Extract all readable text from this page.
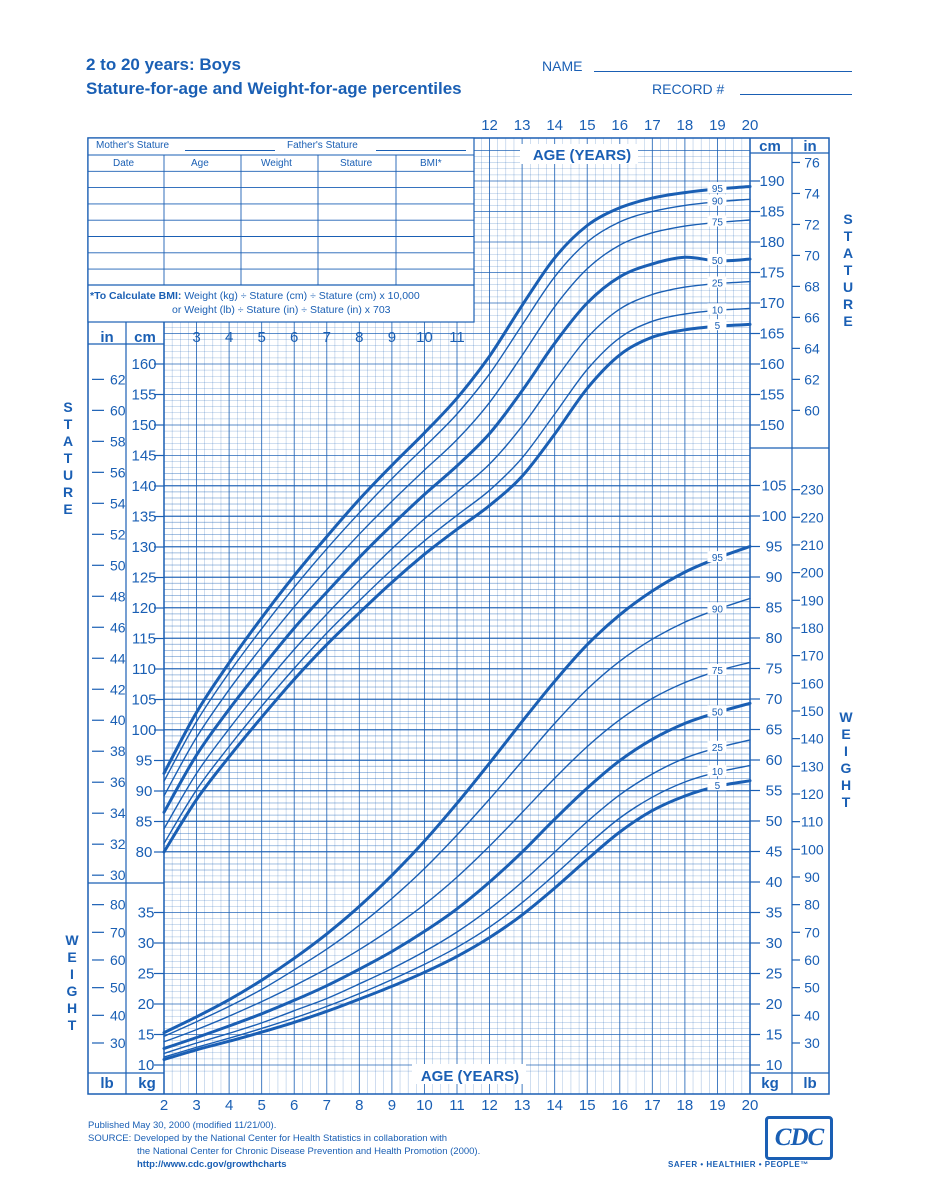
2 to 20 years: Boys
Stature-for-age and Weight-for-age percentiles
NAME
RECORD #
95
90
75
50
25
10
5
95
90
75
50
25
10
5
2 3 4 5 6 7 8 9 10 11 12 13 14 15 16 17 18 19 20
12 13 14 15 16 17 18 19 20
3 4 5 6 7 8 9 10 11
AGE (YEARS)
AGE (YEARS)
80
85
90
95
100
105
110
115
120
125
130
135
140
145
150	150
155	155
160	160
165
170
175
180
185
190
30
32
34
36
38
40
42
44
46
48
50
52
54
56
58
60	60
62	62
64
66
68
70
72
74
76
10	10
15	15
20	20
25	25
30	30
35	35
40
45
50
55
60
65
70
75
80
85
90
95
100
105
30	30
40	40
50	50
60	60
70	70
80	80
90
100
110
120
130
140
150
160
170
180
190
200
210
220
230
in cm
cm in
lb kg	kg lb
S
T
A
T
U
R
E
S
T
A
T
U
R
E
W
E
I
G
H
T
W
E
I
G
H
T
Mother's Stature	Father's Stature
Date	Age	Weight	Stature	BMI*
*To Calculate BMI: Weight (kg) ÷ Stature (cm) ÷ Stature (cm) x 10,000
or Weight (lb) ÷ Stature (in) ÷ Stature (in) x 703
Published May 30, 2000 (modified 11/21/00).
SOURCE: Developed by the National Center for Health Statistics in collaboration with
the National Center for Chronic Disease Prevention and Health Promotion (2000).
http://www.cdc.gov/growthcharts
CDC
SAFER • HEALTHIER • PEOPLE™
